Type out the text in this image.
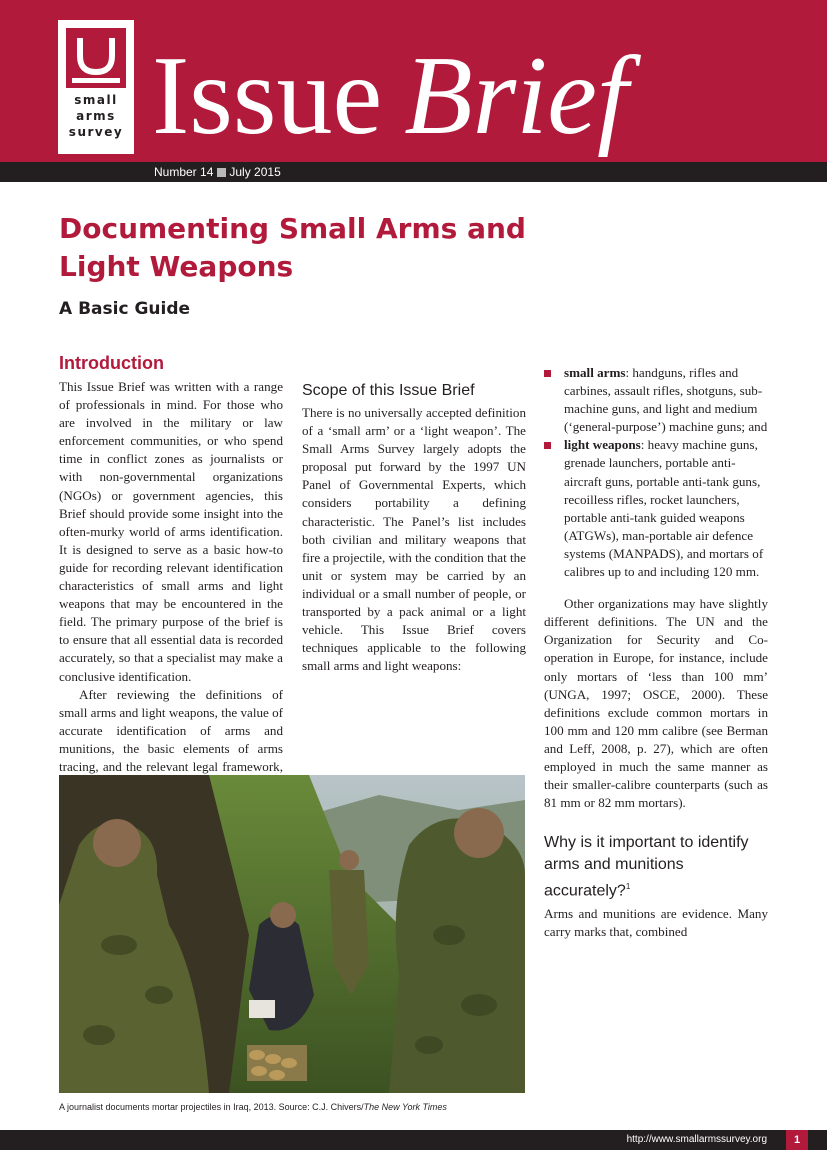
small
arms
survey Issue Brief
Number 14 July 2015
Documenting Small Arms and Light Weapons
A Basic Guide
Introduction

This Issue Brief was written with a range of professionals in mind. For those who are involved in the military or law enforcement communities, or who spend time in conflict zones as journalists or with non-governmental organizations (NGOs) or government agencies, this Brief should provide some insight into the often-murky world of arms identification. It is designed to serve as a basic how-to guide for recording relevant identification characteristics of small arms and light weapons that may be encountered in the field. The primary purpose of the brief is to ensure that all essential data is recorded accurately, so that a specialist may make a conclusive identification.

After reviewing the definitions of small arms and light weapons, the value of accurate identification of arms and munitions, the basic elements of arms tracing, and the relevant legal framework,

Scope of this Issue Brief

There is no universally accepted definition of a ‘small arm’ or a ‘light weapon’. The Small Arms Survey largely adopts the proposal put forward by the 1997 UN Panel of Governmental Experts, which considers portability a defining characteristic. The Panel’s list includes both civilian and military weapons that fire a projectile, with the condition that the unit or system may be carried by an individual or a small number of people, or transported by a pack animal or a light vehicle. This Issue Brief covers techniques applicable to the following small arms and light weapons:

small arms: handguns, rifles and carbines, assault rifles, shotguns, sub-machine guns, and light and medium (‘general-purpose’) machine guns; and
light weapons: heavy machine guns, grenade launchers, portable anti-aircraft guns, portable anti-tank guns, recoilless rifles, rocket launchers, portable anti-tank guided weapons (ATGWs), man-portable air defence systems (MANPADS), and mortars of calibres up to and including 120 mm.

Other organizations may have slightly different definitions. The UN and the Organization for Security and Co-operation in Europe, for instance, include only mortars of ‘less than 100 mm’ (UNGA, 1997; OSCE, 2000). These definitions exclude common mortars in 100 mm and 120 mm calibre (see Berman and Leff, 2008, p. 27), which are often employed in much the same manner as their smaller-calibre counterparts (such as 81 mm or 82 mm mortars).

Why is it important to identify arms and munitions accurately?$^1$

Arms and munitions are evidence. Many carry marks that, combined

A journalist documents mortar projectiles in Iraq, 2013. Source: C.J. Chivers/The New York Times
http://www.smallarmssurvey.org	1
